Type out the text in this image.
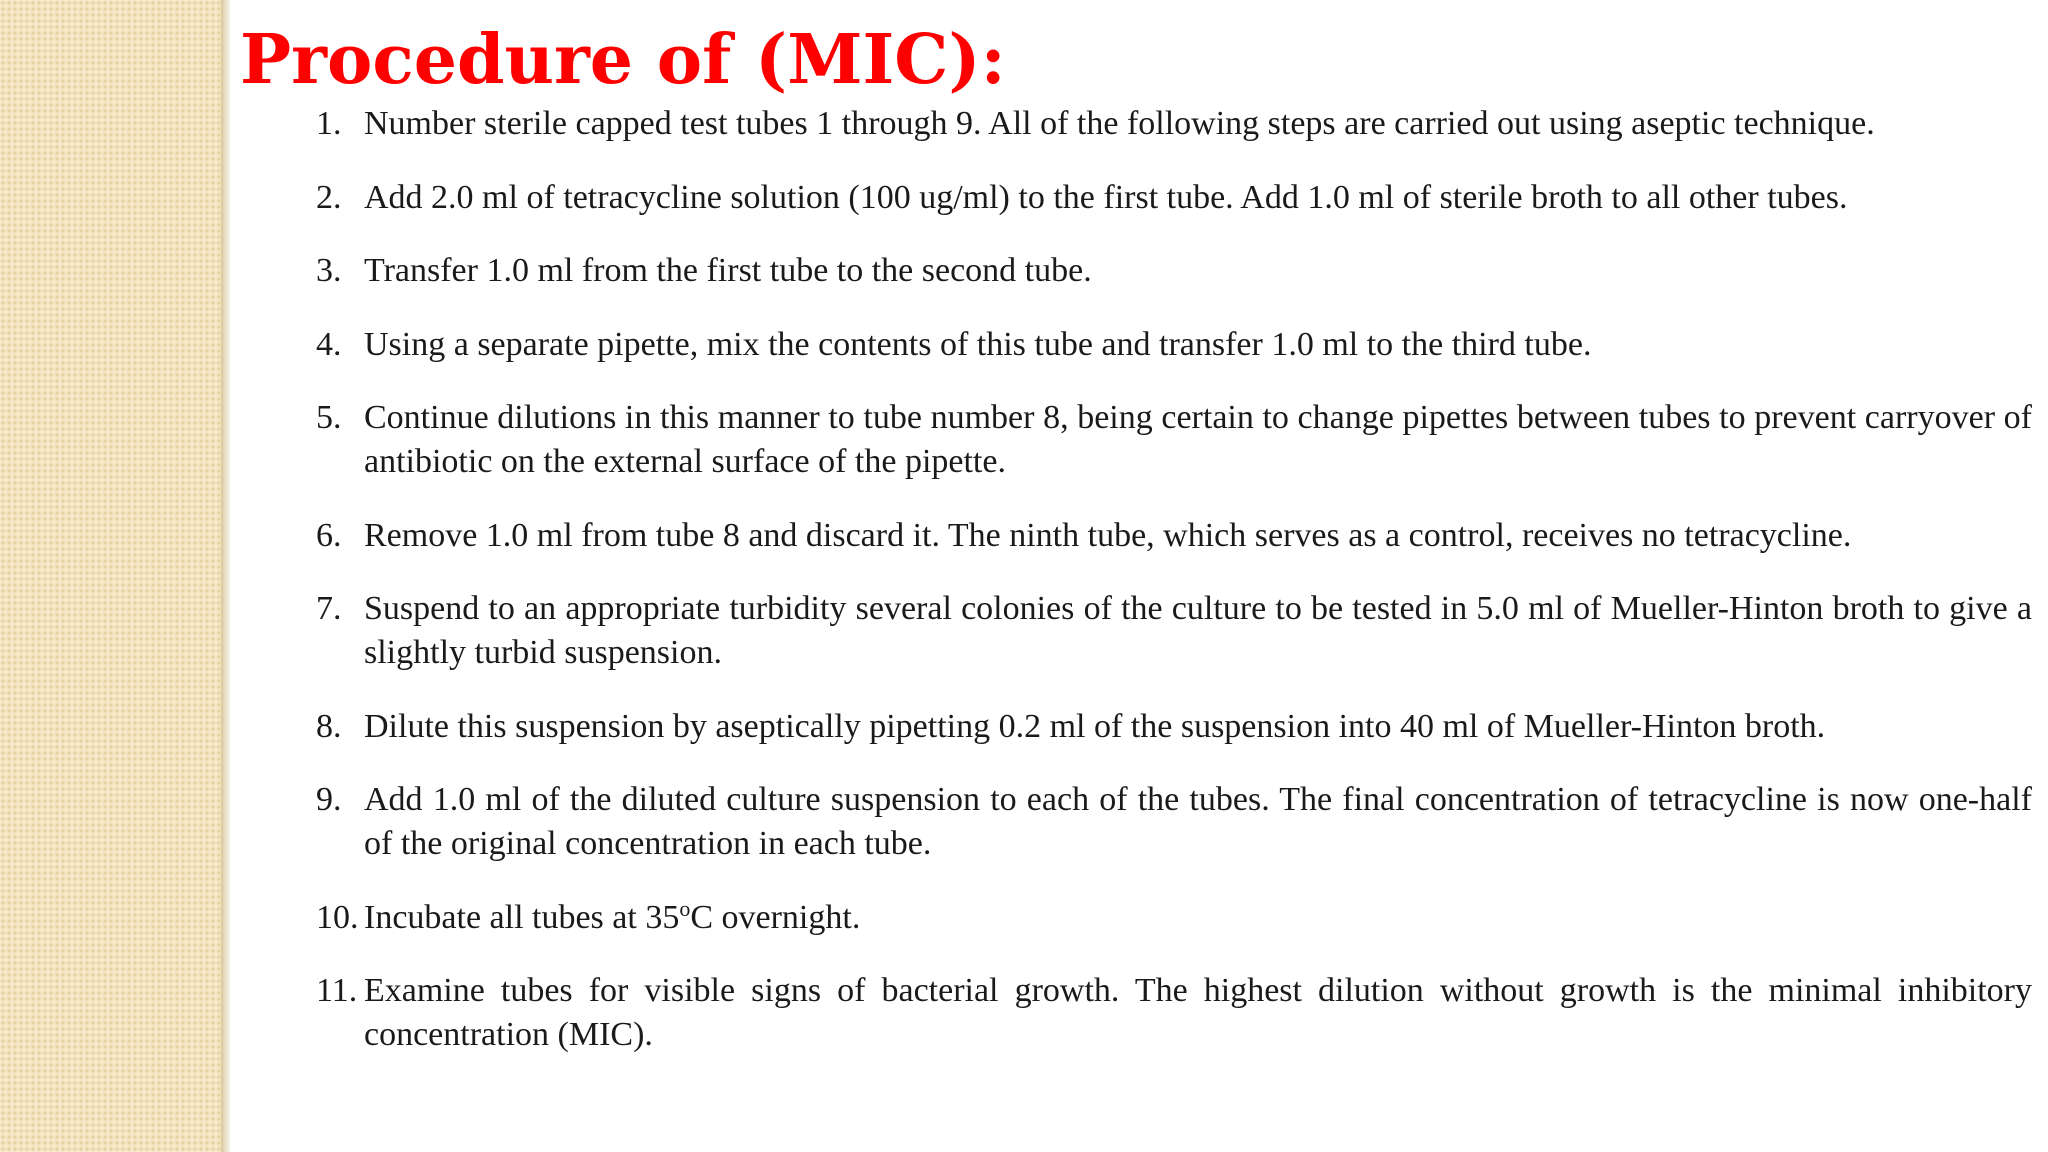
Procedure of (MIC):
1. Number sterile capped test tubes 1 through 9. All of the following steps are carried out using aseptic technique.
2. Add 2.0 ml of tetracycline solution (100 ug/ml) to the first tube. Add 1.0 ml of sterile broth to all other tubes.
3. Transfer 1.0 ml from the first tube to the second tube.
4. Using a separate pipette, mix the contents of this tube and transfer 1.0 ml to the third tube.
5. Continue dilutions in this manner to tube number 8, being certain to change pipettes between tubes to prevent carryover of antibiotic on the external surface of the pipette.
6. Remove 1.0 ml from tube 8 and discard it. The ninth tube, which serves as a control, receives no tetracycline.
7. Suspend to an appropriate turbidity several colonies of the culture to be tested in 5.0 ml of Mueller-Hinton broth to give a slightly turbid suspension.
8. Dilute this suspension by aseptically pipetting 0.2 ml of the suspension into 40 ml of Mueller-Hinton broth.
9. Add 1.0 ml of the diluted culture suspension to each of the tubes. The final concentration of tetracycline is now one-half of the original concentration in each tube.
10. Incubate all tubes at 35$^o$C overnight.
11. Examine tubes for visible signs of bacterial growth. The highest dilution without growth is the minimal inhibitory concentration (MIC).
